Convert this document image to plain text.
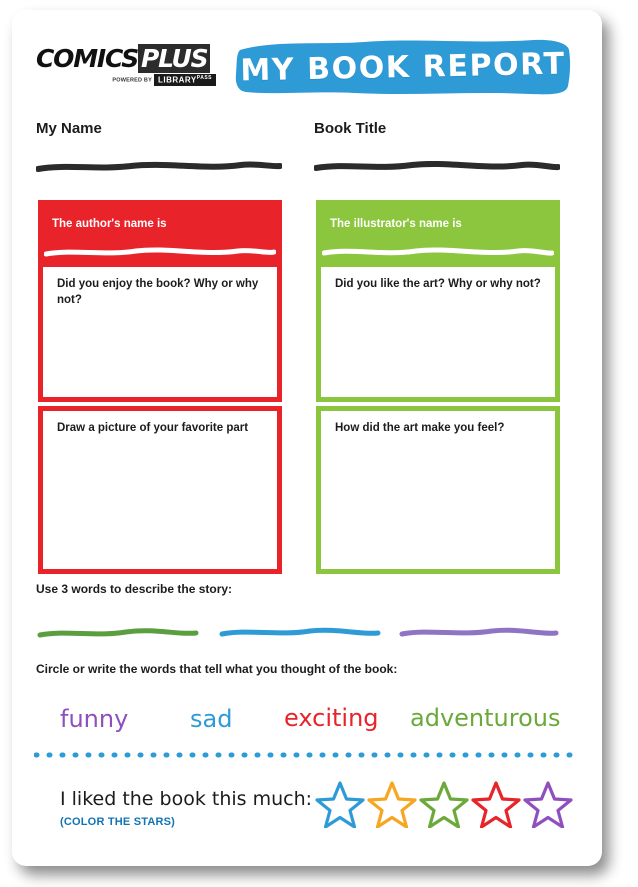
COMICS PLUS
POWERED BY $LIBRARY^{PASS}$ MY BOOK REPORT
My Name	Book Title
The author's name is
Did you enjoy the book? Why or why not?
Draw a picture of your favorite part
The illustrator's name is
Did you like the art? Why or why not?
How did the art make you feel?
Use 3 words to describe the story:
Circle or write the words that tell what you thought of the book:
funny	sad exciting adventurous
I liked the book this much:
(COLOR THE STARS)
